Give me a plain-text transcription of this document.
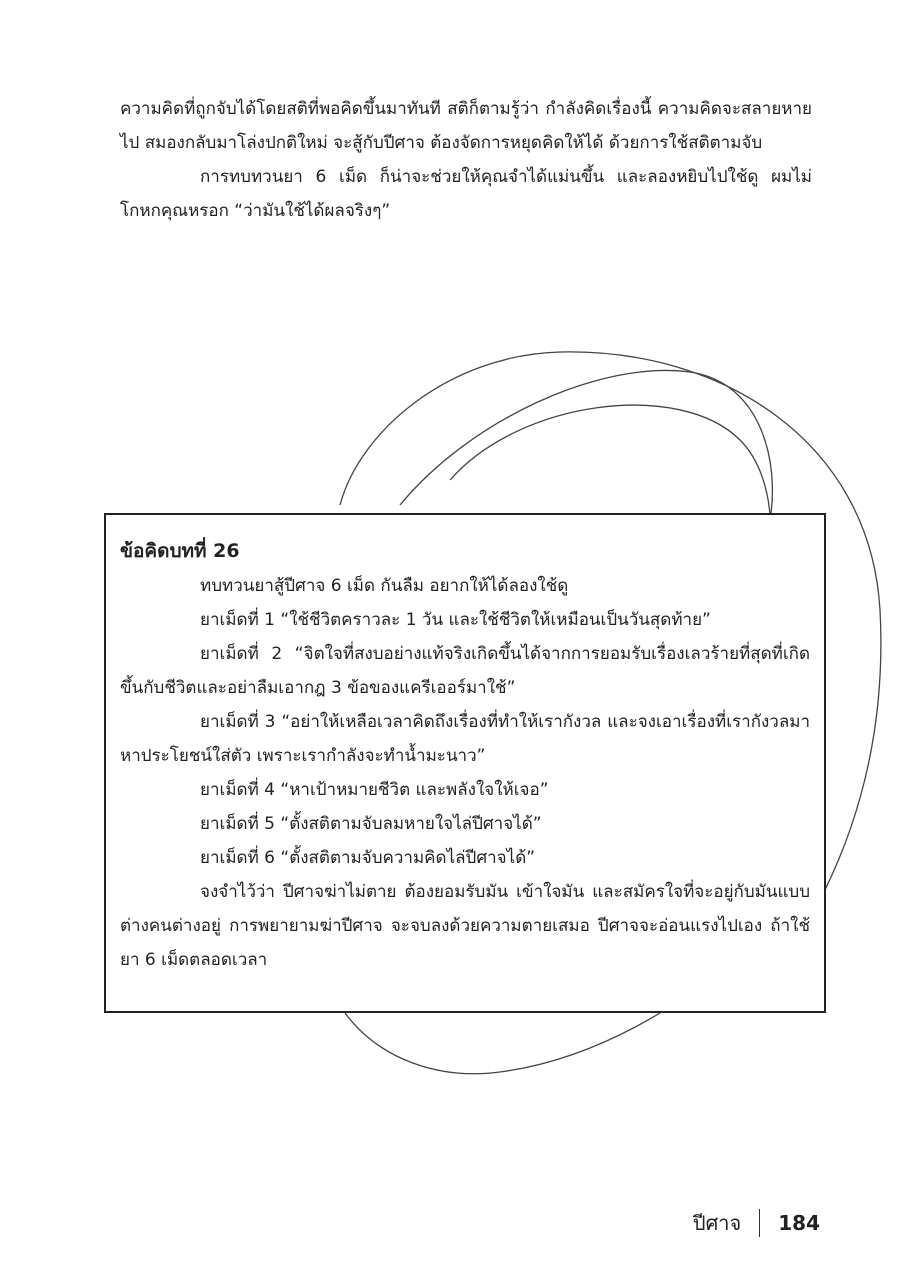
ความคิดที่ถูกจับได้โดยสติที่พอคิดขึ้นมาทันที สติก็ตามรู้ว่า กำลังคิดเรื่องนี้ ความคิดจะสลายหายไป สมองกลับมาโล่งปกติใหม่ จะสู้กับปีศาจ ต้องจัดการหยุดคิดให้ได้ ด้วยการใช้สติตามจับ

การทบทวนยา 6 เม็ด ก็น่าจะช่วยให้คุณจำได้แม่นขึ้น และลองหยิบไปใช้ดู ผมไม่โกหกคุณหรอก “ว่ามันใช้ได้ผลจริงๆ”

ข้อคิดบทที่ 26

ทบทวนยาสู้ปีศาจ 6 เม็ด กันลืม อยากให้ได้ลองใช้ดู

ยาเม็ดที่ 1 “ใช้ชีวิตคราวละ 1 วัน และใช้ชีวิตให้เหมือนเป็นวันสุดท้าย”

ยาเม็ดที่ 2 “จิตใจที่สงบอย่างแท้จริงเกิดขึ้นได้จากการยอมรับเรื่องเลวร้ายที่สุดที่เกิดขึ้นกับชีวิตและอย่าลืมเอากฎ 3 ข้อของแครีเออร์มาใช้”

ยาเม็ดที่ 3 “อย่าให้เหลือเวลาคิดถึงเรื่องที่ทำให้เรากังวล และจงเอาเรื่องที่เรากังวลมาหาประโยชน์ใส่ตัว เพราะเรากำลังจะทำน้ำมะนาว”

ยาเม็ดที่ 4 “หาเป้าหมายชีวิต และพลังใจให้เจอ”

ยาเม็ดที่ 5 “ตั้งสติตามจับลมหายใจไล่ปีศาจได้”

ยาเม็ดที่ 6 “ตั้งสติตามจับความคิดไล่ปีศาจได้”

จงจำไว้ว่า ปีศาจฆ่าไม่ตาย ต้องยอมรับมัน เข้าใจมัน และสมัครใจที่จะอยู่กับมันแบบต่างคนต่างอยู่ การพยายามฆ่าปีศาจ จะจบลงด้วยความตายเสมอ ปีศาจจะอ่อนแรงไปเอง ถ้าใช้ยา 6 เม็ดตลอดเวลา

ปีศาจ 184
